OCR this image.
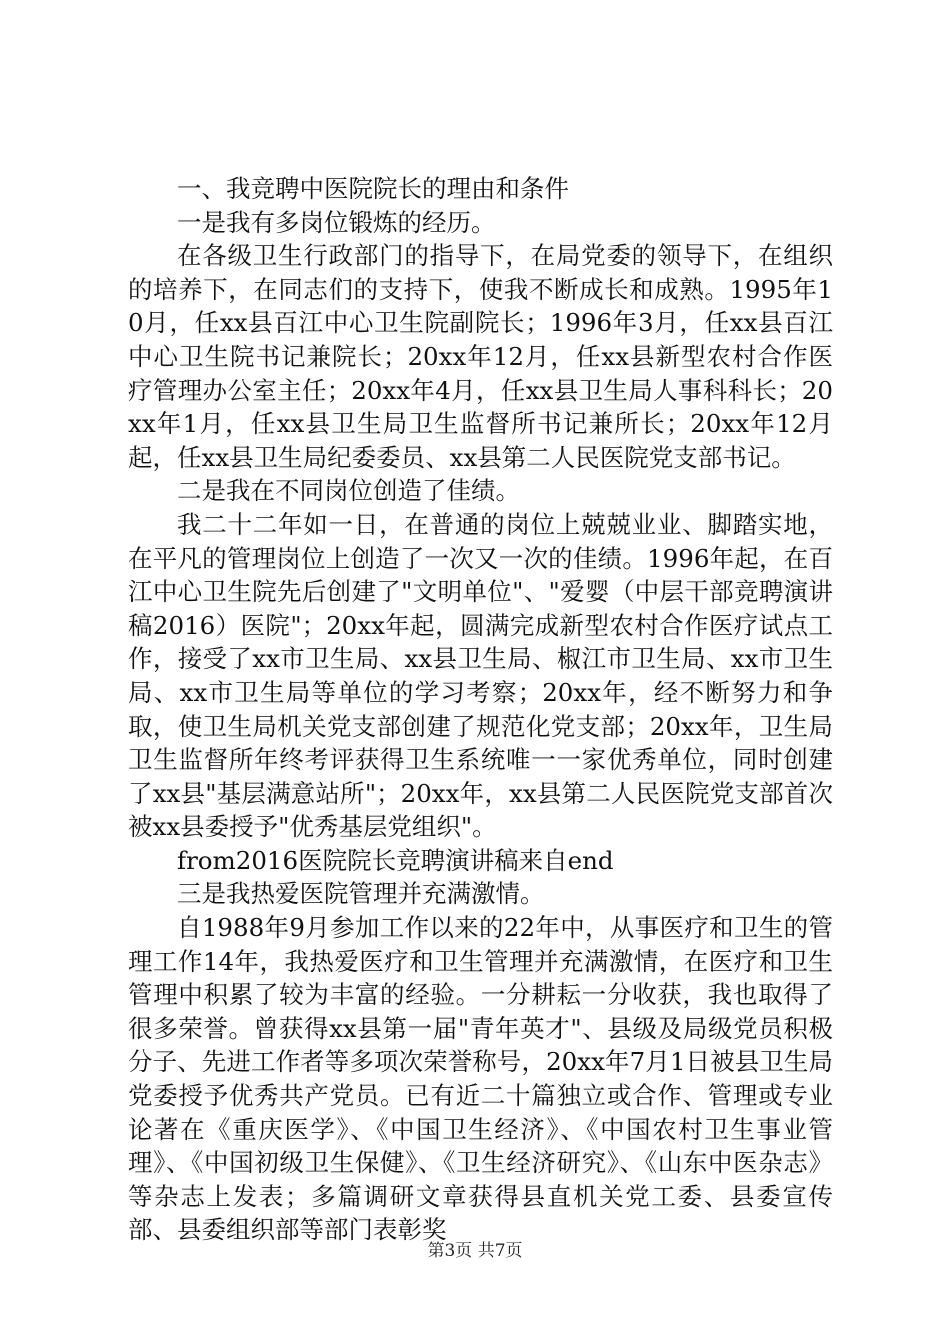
一、我竞聘中医院院长的理由和条件

一是我有多岗位锻炼的经历。

在各级卫生行政部门的指导下，在局党委的领导下，在组织的培养下，在同志们的支持下，使我不断成长和成熟。1995年10月，任xx县百江中心卫生院副院长；1996年3月，任xx县百江中心卫生院书记兼院长；20xx年12月，任xx县新型农村合作医疗管理办公室主任；20xx年4月，任xx县卫生局人事科科长；20xx年1月，任xx县卫生局卫生监督所书记兼所长；20xx年12月起，任xx县卫生局纪委委员、xx县第二人民医院党支部书记。

二是我在不同岗位创造了佳绩。

我二十二年如一日，在普通的岗位上兢兢业业、脚踏实地，在平凡的管理岗位上创造了一次又一次的佳绩。1996年起，在百江中心卫生院先后创建了"文明单位"、"爱婴（中层干部竞聘演讲稿2016）医院"；20xx年起，圆满完成新型农村合作医疗试点工作，接受了xx市卫生局、xx县卫生局、椒江市卫生局、xx市卫生局、xx市卫生局等单位的学习考察；20xx年，经不断努力和争取，使卫生局机关党支部创建了规范化党支部；20xx年，卫生局卫生监督所年终考评获得卫生系统唯一一家优秀单位，同时创建了xx县"基层满意站所"；20xx年，xx县第二人民医院党支部首次被xx县委授予"优秀基层党组织"。

from2016医院院长竞聘演讲稿来自end

三是我热爱医院管理并充满激情。

自1988年9月参加工作以来的22年中，从事医疗和卫生的管理工作14年，我热爱医疗和卫生管理并充满激情，在医疗和卫生管理中积累了较为丰富的经验。一分耕耘一分收获，我也取得了很多荣誉。曾获得xx县第一届"青年英才"、县级及局级党员积极分子、先进工作者等多项次荣誉称号，20xx年7月1日被县卫生局党委授予优秀共产党员。已有近二十篇独立或合作、管理或专业论著在《重庆医学》、《中国卫生经济》、《中国农村卫生事业管理》、《中国初级卫生保健》、《卫生经济研究》、《山东中医杂志》等杂志上发表；多篇调研文章获得县直机关党工委、县委宣传部、县委组织部等部门表彰奖

第3页 共7页
